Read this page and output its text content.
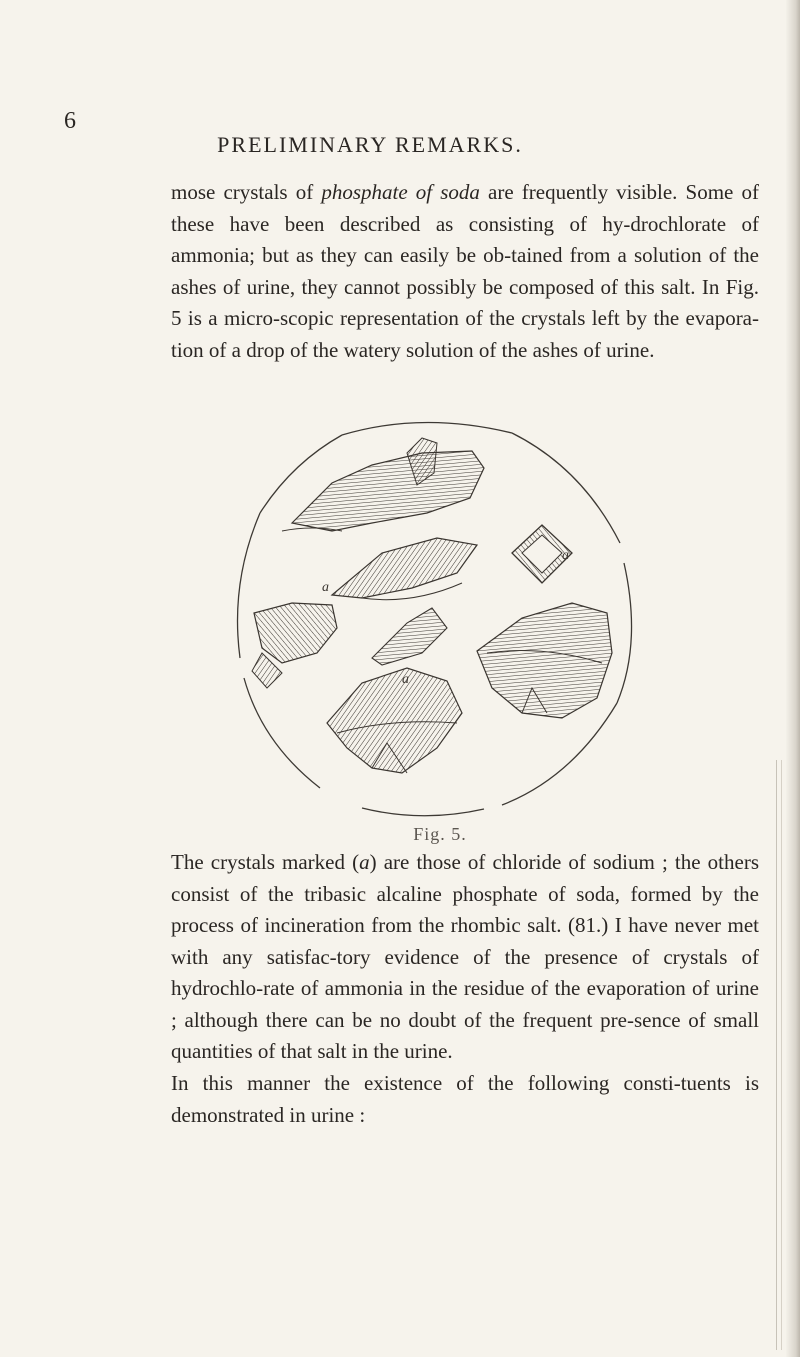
6

PRELIMINARY REMARKS.

mose crystals of phosphate of soda are frequently visible. Some of these have been described as consisting of hy-drochlorate of ammonia; but as they can easily be ob-tained from a solution of the ashes of urine, they cannot possibly be composed of this salt. In Fig. 5 is a micro-scopic representation of the crystals left by the evapora-tion of a drop of the watery solution of the ashes of urine.

a
a

Fig. 5.

The crystals marked (a) are those of chloride of sodium ; the others consist of the tribasic alcaline phosphate of soda, formed by the process of incineration from the rhombic salt. (81.) I have never met with any satisfac-tory evidence of the presence of crystals of hydrochlo-rate of ammonia in the residue of the evaporation of urine ; although there can be no doubt of the frequent pre-sence of small quantities of that salt in the urine.

In this manner the existence of the following consti-tuents is demonstrated in urine :
